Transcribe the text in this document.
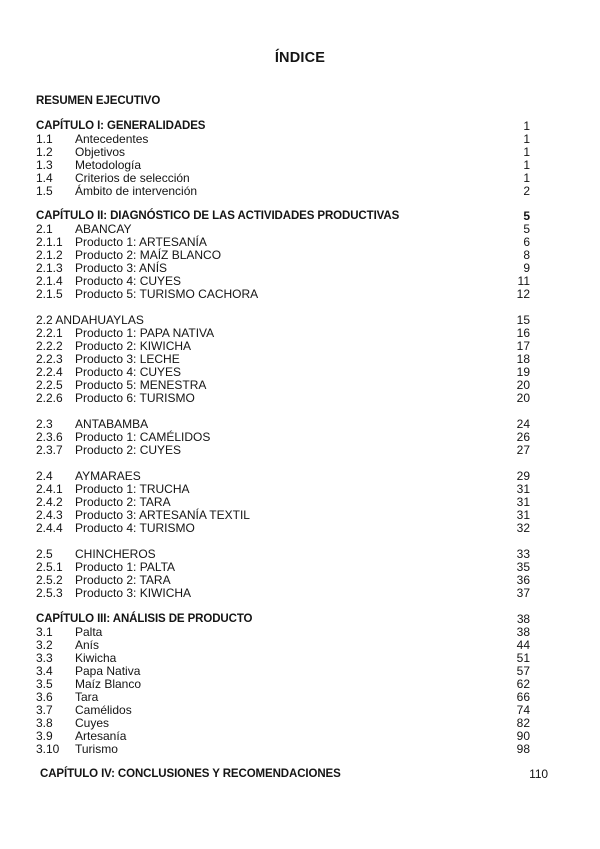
ÍNDICE
RESUMEN EJECUTIVO
CAPÍTULO I: GENERALIDADES	1
1.1 Antecedentes	1
1.2 Objetivos	1
1.3 Metodología	1
1.4 Criterios de selección	1
1.5 Ámbito de intervención	2
CAPÍTULO II: DIAGNÓSTICO DE LAS ACTIVIDADES PRODUCTIVAS	5
2.1 ABANCAY	5
2.1.1 Producto 1: ARTESANÍA	6
2.1.2 Producto 2: MAÍZ BLANCO	8
2.1.3 Producto 3: ANÍS	9
2.1.4 Producto 4: CUYES	11
2.1.5 Producto 5: TURISMO CACHORA	12
2.2 ANDAHUAYLAS	15
2.2.1 Producto 1: PAPA NATIVA	16
2.2.2 Producto 2: KIWICHA	17
2.2.3 Producto 3: LECHE	18
2.2.4 Producto 4: CUYES	19
2.2.5 Producto 5: MENESTRA	20
2.2.6 Producto 6: TURISMO	20
2.3 ANTABAMBA	24
2.3.6 Producto 1: CAMÉLIDOS	26
2.3.7 Producto 2: CUYES	27
2.4 AYMARAES	29
2.4.1 Producto 1: TRUCHA	31
2.4.2 Producto 2: TARA	31
2.4.3 Producto 3: ARTESANÍA TEXTIL	31
2.4.4 Producto 4: TURISMO	32
2.5 CHINCHEROS	33
2.5.1 Producto 1: PALTA	35
2.5.2 Producto 2: TARA	36
2.5.3 Producto 3: KIWICHA	37
CAPÍTULO III: ANÁLISIS DE PRODUCTO	38
3.1 Palta	38
3.2 Anís	44
3.3 Kiwicha	51
3.4 Papa Nativa	57
3.5 Maíz Blanco	62
3.6 Tara	66
3.7 Camélidos	74
3.8 Cuyes	82
3.9 Artesanía	90
3.10 Turismo	98
CAPÍTULO IV: CONCLUSIONES Y RECOMENDACIONES	110
